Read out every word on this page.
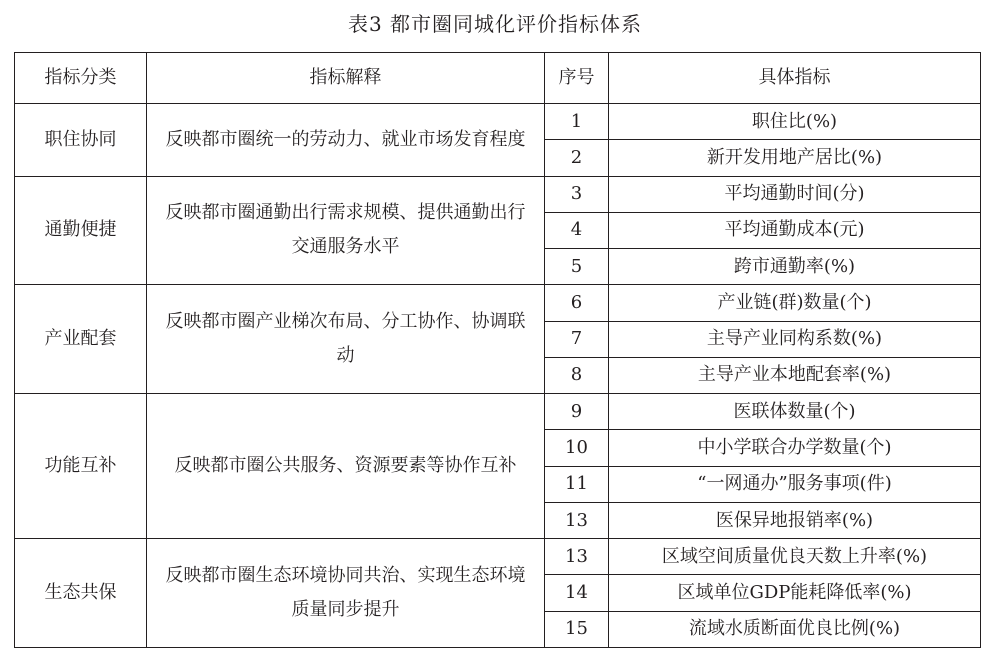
表3 都市圈同城化评价指标体系
指标分类	指标解释	序号	具体指标
职住协同	反映都市圈统一的劳动力、就业市场发育程度	1	职住比(%)
		2	新开发用地产居比(%)
通勤便捷	反映都市圈通勤出行需求规模、提供通勤出行交通服务水平	3	平均通勤时间(分)
		4	平均通勤成本(元)
		5	跨市通勤率(%)
产业配套	反映都市圈产业梯次布局、分工协作、协调联动	6	产业链(群)数量(个)
		7	主导产业同构系数(%)
		8	主导产业本地配套率(%)
功能互补	反映都市圈公共服务、资源要素等协作互补	9	医联体数量(个)
		10	中小学联合办学数量(个)
		11	“一网通办”服务事项(件)
		13	医保异地报销率(%)
生态共保	反映都市圈生态环境协同共治、实现生态环境质量同步提升	13	区域空间质量优良天数上升率(%)
		14	区域单位GDP能耗降低率(%)
		15	流域水质断面优良比例(%)
